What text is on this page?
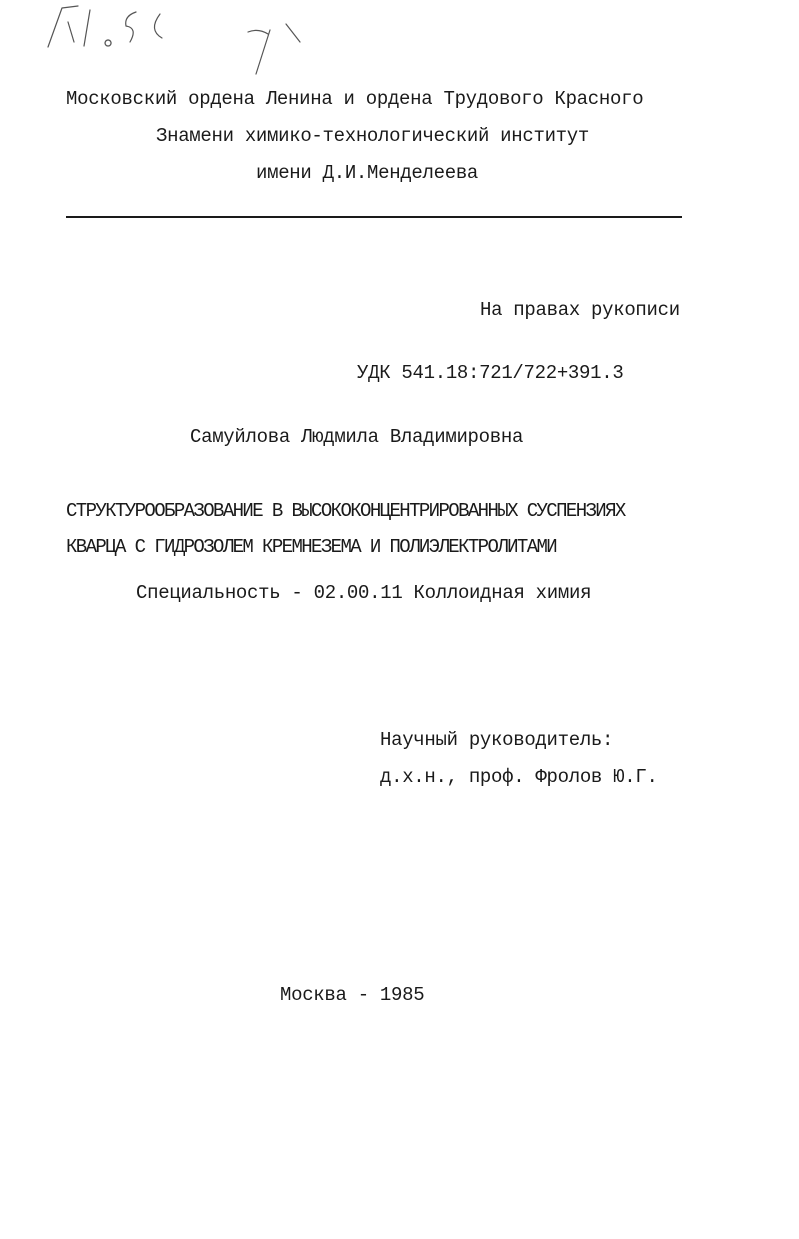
Московский ордена Ленина и ордена Трудового Красного
Знамени химико-технологический институт
имени Д.И.Менделеева
На правах рукописи
УДК 541.18:721/722+391.3
Самуйлова Людмила Владимировна
СТРУКТУРООБРАЗОВАНИЕ В ВЫСОКОКОНЦЕНТРИРОВАННЫХ СУСПЕНЗИЯХ
КВАРЦА С ГИДРОЗОЛЕМ КРЕМНЕЗЕМА И ПОЛИЭЛЕКТРОЛИТАМИ
Специальность - 02.00.11 Коллоидная химия
Научный руководитель:
д.х.н., проф. Фролов Ю.Г.
Москва - 1985
